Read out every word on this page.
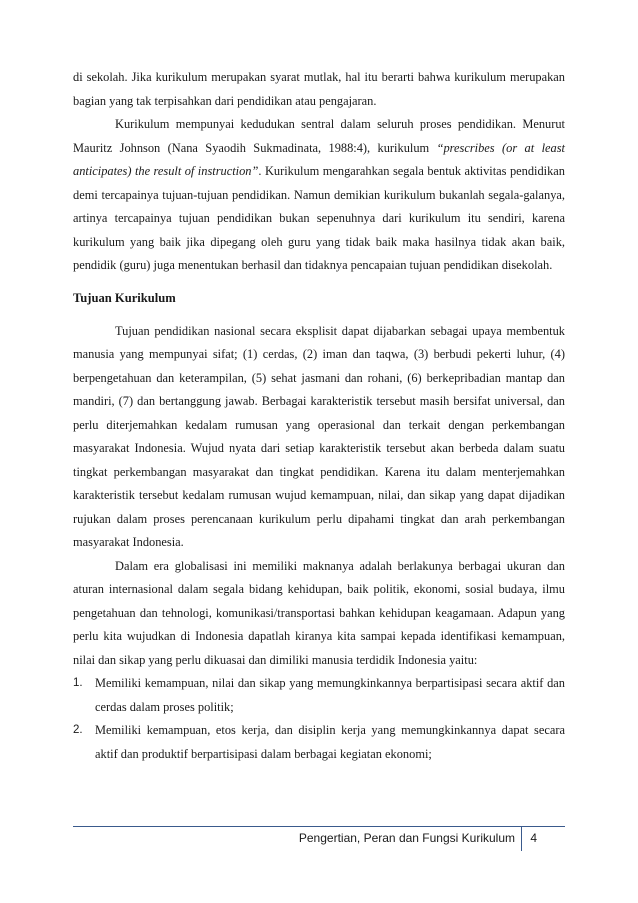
di sekolah. Jika kurikulum merupakan syarat mutlak, hal itu berarti bahwa kurikulum merupakan bagian yang tak terpisahkan dari pendidikan atau pengajaran.

Kurikulum mempunyai kedudukan sentral dalam seluruh proses pendidikan. Menurut Mauritz Johnson (Nana Syaodih Sukmadinata, 1988:4), kurikulum “prescribes (or at least anticipates) the result of instruction”. Kurikulum mengarahkan segala bentuk aktivitas pendidikan demi tercapainya tujuan-tujuan pendidikan. Namun demikian kurikulum bukanlah segala-galanya, artinya tercapainya tujuan pendidikan bukan sepenuhnya dari kurikulum itu sendiri, karena kurikulum yang baik jika dipegang oleh guru yang tidak baik maka hasilnya tidak akan baik, pendidik (guru) juga menentukan berhasil dan tidaknya pencapaian tujuan pendidikan disekolah.

Tujuan Kurikulum

Tujuan pendidikan nasional secara eksplisit dapat dijabarkan sebagai upaya membentuk manusia yang mempunyai sifat; (1) cerdas, (2) iman dan taqwa, (3) berbudi pekerti luhur, (4) berpengetahuan dan keterampilan, (5) sehat jasmani dan rohani, (6) berkepribadian mantap dan mandiri, (7) dan bertanggung jawab. Berbagai karakteristik tersebut masih bersifat universal, dan perlu diterjemahkan kedalam rumusan yang operasional dan terkait dengan perkembangan masyarakat Indonesia. Wujud nyata dari setiap karakteristik tersebut akan berbeda dalam suatu tingkat perkembangan masyarakat dan tingkat pendidikan. Karena itu dalam menterjemahkan karakteristik tersebut kedalam rumusan wujud kemampuan, nilai, dan sikap yang dapat dijadikan rujukan dalam proses perencanaan kurikulum perlu dipahami tingkat dan arah perkembangan masyarakat Indonesia.

Dalam era globalisasi ini memiliki maknanya adalah berlakunya berbagai ukuran dan aturan internasional dalam segala bidang kehidupan, baik politik, ekonomi, sosial budaya, ilmu pengetahuan dan tehnologi, komunikasi/transportasi bahkan kehidupan keagamaan. Adapun yang perlu kita wujudkan di Indonesia dapatlah kiranya kita sampai kepada identifikasi kemampuan, nilai dan sikap yang perlu dikuasai dan dimiliki manusia terdidik Indonesia yaitu:

1. Memiliki kemampuan, nilai dan sikap yang memungkinkannya berpartisipasi secara aktif dan cerdas dalam proses politik;
2. Memiliki kemampuan, etos kerja, dan disiplin kerja yang memungkinkannya dapat secara aktif dan produktif berpartisipasi dalam berbagai kegiatan ekonomi;
Pengertian, Peran dan Fungsi Kurikulum 4
